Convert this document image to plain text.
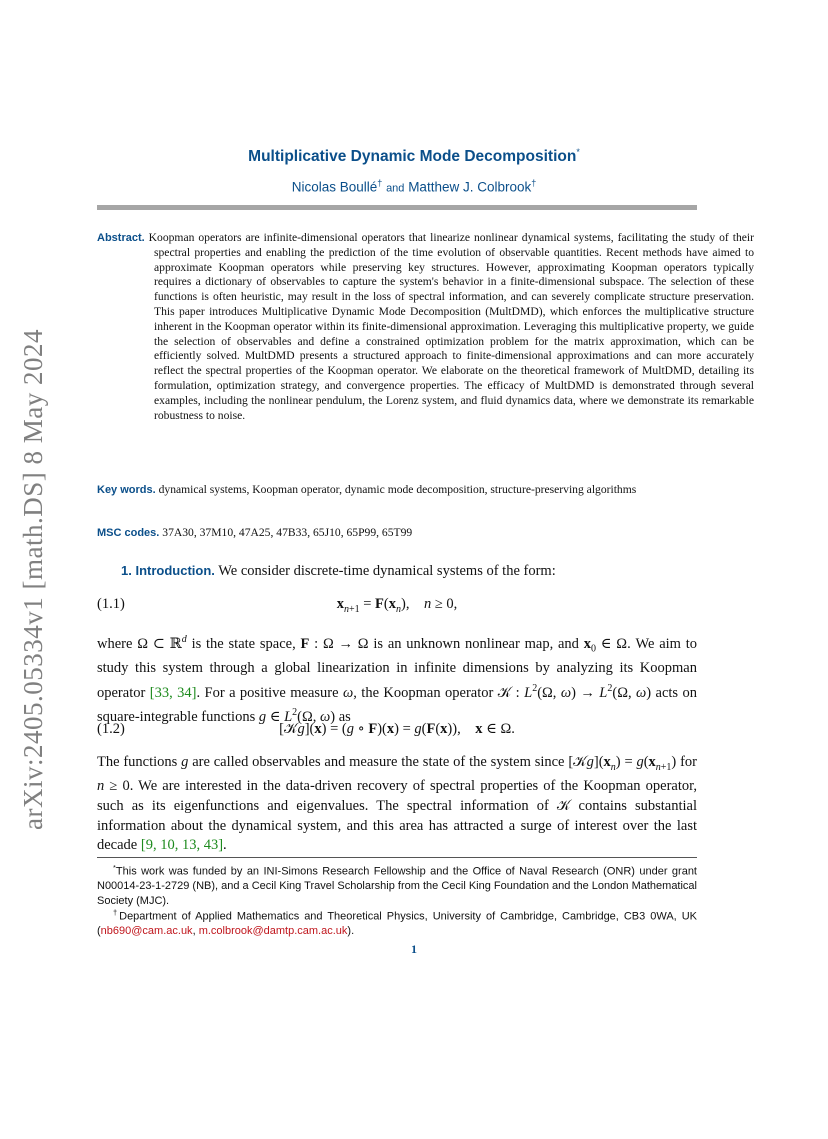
arXiv:2405.05334v1 [math.DS] 8 May 2024
Multiplicative Dynamic Mode Decomposition*
Nicolas Boullé† and Matthew J. Colbrook†
Abstract. Koopman operators are infinite-dimensional operators that linearize nonlinear dynamical systems, facilitating the study of their spectral properties and enabling the prediction of the time evolution of observable quantities. Recent methods have aimed to approximate Koopman operators while preserving key structures. However, approximating Koopman operators typically requires a dictionary of observables to capture the system's behavior in a finite-dimensional subspace. The selection of these functions is often heuristic, may result in the loss of spectral information, and can severely complicate structure preservation. This paper introduces Multiplicative Dynamic Mode Decomposition (MultDMD), which enforces the multiplicative structure inherent in the Koopman operator within its finite-dimensional approximation. Leveraging this multiplicative property, we guide the selection of observables and define a constrained optimization problem for the matrix approximation, which can be efficiently solved. MultDMD presents a structured approach to finite-dimensional approximations and can more accurately reflect the spectral properties of the Koopman operator. We elaborate on the theoretical framework of MultDMD, detailing its formulation, optimization strategy, and convergence properties. The efficacy of MultDMD is demonstrated through several examples, including the nonlinear pendulum, the Lorenz system, and fluid dynamics data, where we demonstrate its remarkable robustness to noise.
Key words. dynamical systems, Koopman operator, dynamic mode decomposition, structure-preserving algorithms
MSC codes. 37A30, 37M10, 47A25, 47B33, 65J10, 65P99, 65T99
1. Introduction. We consider discrete-time dynamical systems of the form:
(1.1)	$x_{n+1} = F(x_n)$,    n ≥ 0,
where Ω ⊂ ℝ$^d$ is the state space, F : Ω → Ω is an unknown nonlinear map, and $x_0$ ∈ Ω. We aim to study this system through a global linearization in infinite dimensions by analyzing its Koopman operator [33, 34]. For a positive measure ω, the Koopman operator 𝒦 : $L^2(\Omega$, $\omega) \to L^2(\Omega$, ω) acts on square-integrable functions g ∈ $L^2(\Omega$, ω) as
(1.2)	[𝒦g](x) = (g ∘ F)(x) = g(F(x)),    x ∈ Ω.
The functions g are called observables and measure the state of the system since $[𝒦g](x_n) = g(x_{n+1})$ for n ≥ 0. We are interested in the data-driven recovery of spectral properties of the Koopman operator, such as its eigenfunctions and eigenvalues. The spectral information of 𝒦 contains substantial information about the dynamical system, and this area has attracted a surge of interest over the last decade [9, 10, 13, 43].
*This work was funded by an INI-Simons Research Fellowship and the Office of Naval Research (ONR) under grant N00014-23-1-2729 (NB), and a Cecil King Travel Scholarship from the Cecil King Foundation and the London Mathematical Society (MJC).
†Department of Applied Mathematics and Theoretical Physics, University of Cambridge, Cambridge, CB3 0WA, UK (nb690@cam.ac.uk, m.colbrook@damtp.cam.ac.uk).
1
